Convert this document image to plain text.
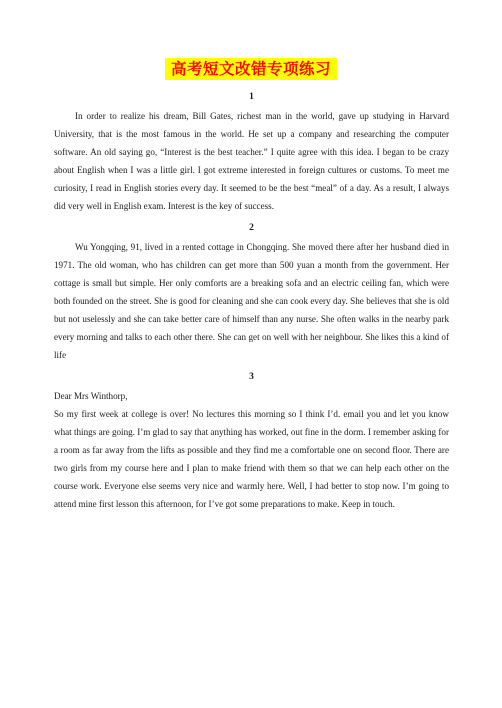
高考短文改错专项练习
1

In order to realize his dream, Bill Gates, richest man in the world, gave up studying in Harvard University, that is the most famous in the world. He set up a company and researching the computer software. An old saying go, “Interest is the best teacher.” I quite agree with this idea. I began to be crazy about English when I was a little girl. I got extreme interested in foreign cultures or customs. To meet me curiosity, I read in English stories every day. It seemed to be the best “meal” of a day. As a result, I always did very well in English exam. Interest is the key of success.

2

Wu Yongqing, 91, lived in a rented cottage in Chongqing. She moved there after her husband died in 1971. The old woman, who has children can get more than 500 yuan a month from the government. Her cottage is small but simple. Her only comforts are a breaking sofa and an electric ceiling fan, which were both founded on the street. She is good for cleaning and she can cook every day. She believes that she is old but not uselessly and she can take better care of himself than any nurse. She often walks in the nearby park every morning and talks to each other there. She can get on well with her neighbour. She likes this a kind of life

3

Dear Mrs Winthorp,

So my first week at college is over! No lectures this morning so I think I’d. email you and let you know what things are going. I’m glad to say that anything has worked, out fine in the dorm. I remember asking for a room as far away from the lifts as possible and they find me a comfortable one on second floor. There are two girls from my course here and I plan to make friend with them so that we can help each other on the course work. Everyone else seems very nice and warmly here. Well, I had better to stop now. I’m going to attend mine first lesson this afternoon, for I’ve got some preparations to make. Keep in touch.
